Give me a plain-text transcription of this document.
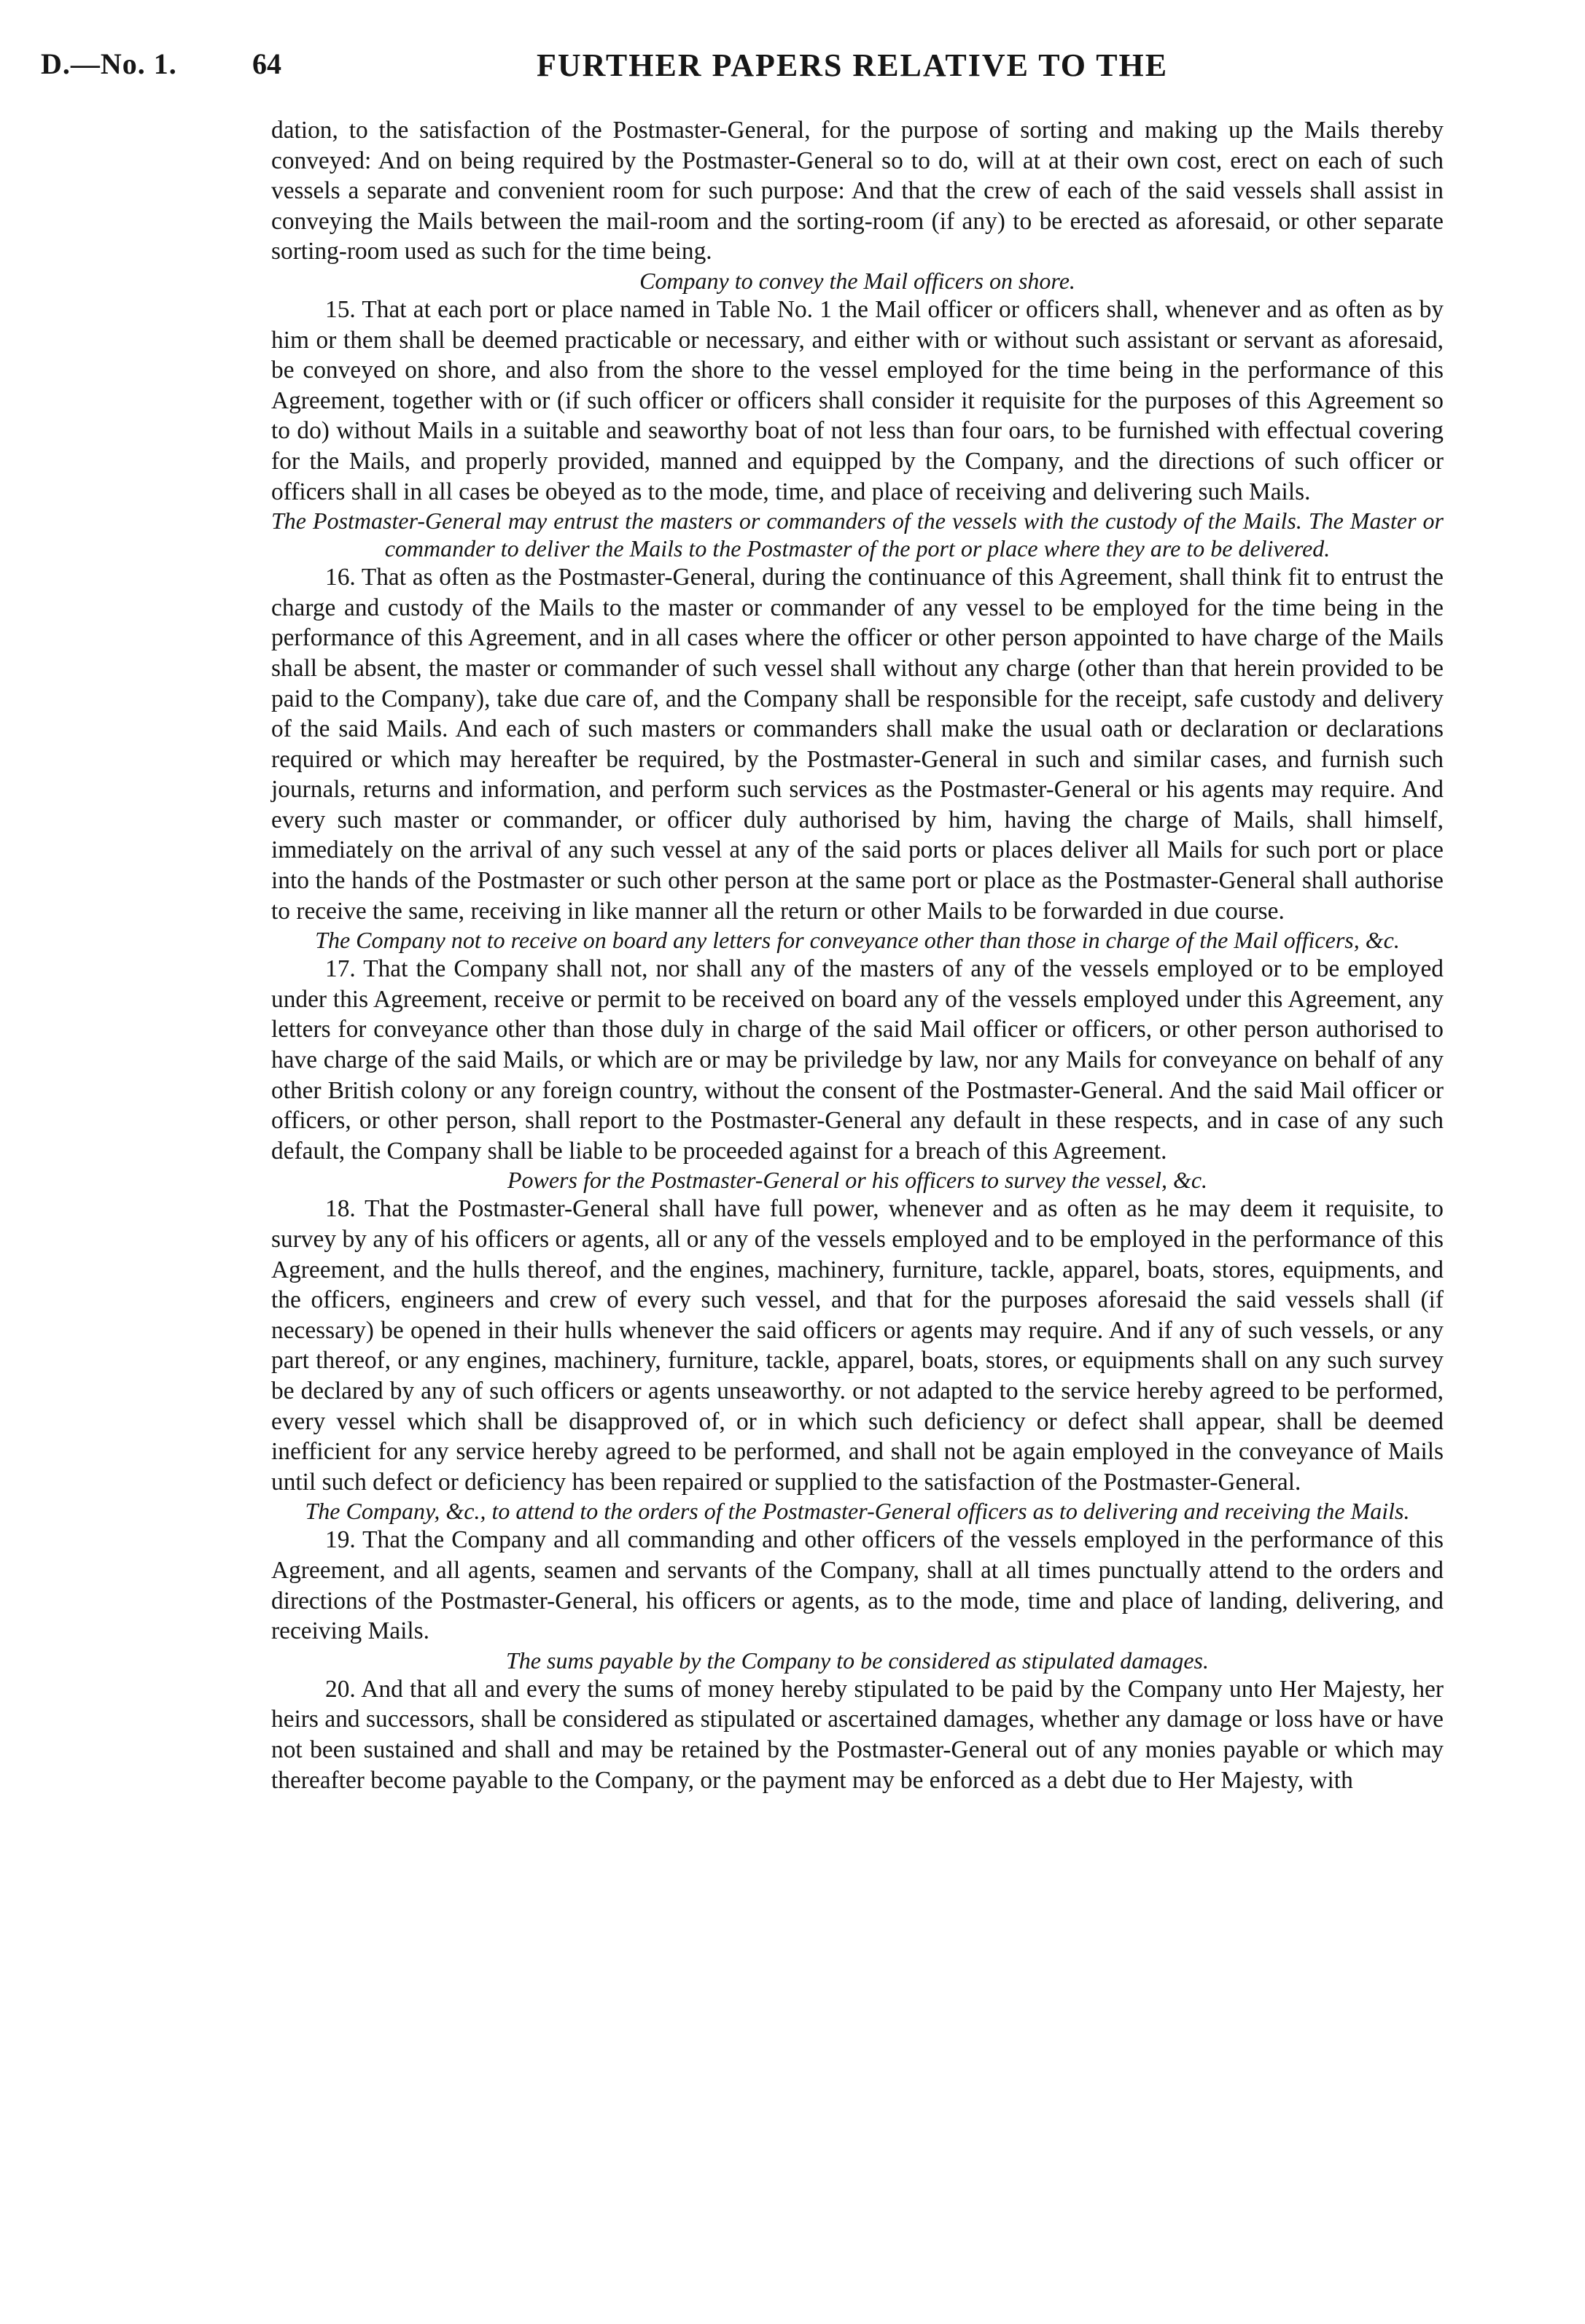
D.—No. 1.	64	FURTHER PAPERS RELATIVE TO THE

dation, to the satisfaction of the Postmaster-General, for the purpose of sorting and making up the Mails thereby conveyed: And on being required by the Postmaster-General so to do, will at at their own cost, erect on each of such vessels a separate and convenient room for such purpose: And that the crew of each of the said vessels shall assist in conveying the Mails between the mail-room and the sorting-room (if any) to be erected as aforesaid, or other separate sorting-room used as such for the time being.

Company to convey the Mail officers on shore.

15. That at each port or place named in Table No. 1 the Mail officer or officers shall, whenever and as often as by him or them shall be deemed practicable or necessary, and either with or without such assistant or servant as aforesaid, be conveyed on shore, and also from the shore to the vessel employed for the time being in the performance of this Agreement, together with or (if such officer or officers shall consider it requisite for the purposes of this Agreement so to do) without Mails in a suitable and seaworthy boat of not less than four oars, to be furnished with effectual covering for the Mails, and properly provided, manned and equipped by the Company, and the directions of such officer or officers shall in all cases be obeyed as to the mode, time, and place of receiving and delivering such Mails.

The Postmaster-General may entrust the masters or commanders of the vessels with the custody of the Mails. The Master or commander to deliver the Mails to the Postmaster of the port or place where they are to be delivered.

16. That as often as the Postmaster-General, during the continuance of this Agreement, shall think fit to entrust the charge and custody of the Mails to the master or commander of any vessel to be employed for the time being in the performance of this Agreement, and in all cases where the officer or other person appointed to have charge of the Mails shall be absent, the master or commander of such vessel shall without any charge (other than that herein provided to be paid to the Company), take due care of, and the Company shall be responsible for the receipt, safe custody and delivery of the said Mails. And each of such masters or commanders shall make the usual oath or declaration or declarations required or which may hereafter be required, by the Postmaster-General in such and similar cases, and furnish such journals, returns and information, and perform such services as the Postmaster-General or his agents may require. And every such master or commander, or officer duly authorised by him, having the charge of Mails, shall himself, immediately on the arrival of any such vessel at any of the said ports or places deliver all Mails for such port or place into the hands of the Postmaster or such other person at the same port or place as the Postmaster-General shall authorise to receive the same, receiving in like manner all the return or other Mails to be forwarded in due course.

The Company not to receive on board any letters for conveyance other than those in charge of the Mail officers, &c.

17. That the Company shall not, nor shall any of the masters of any of the vessels employed or to be employed under this Agreement, receive or permit to be received on board any of the vessels employed under this Agreement, any letters for conveyance other than those duly in charge of the said Mail officer or officers, or other person authorised to have charge of the said Mails, or which are or may be priviledge by law, nor any Mails for conveyance on behalf of any other British colony or any foreign country, without the consent of the Postmaster-General. And the said Mail officer or officers, or other person, shall report to the Postmaster-General any default in these respects, and in case of any such default, the Company shall be liable to be proceeded against for a breach of this Agreement.

Powers for the Postmaster-General or his officers to survey the vessel, &c.

18. That the Postmaster-General shall have full power, whenever and as often as he may deem it requisite, to survey by any of his officers or agents, all or any of the vessels employed and to be employed in the performance of this Agreement, and the hulls thereof, and the engines, machinery, furniture, tackle, apparel, boats, stores, equipments, and the officers, engineers and crew of every such vessel, and that for the purposes aforesaid the said vessels shall (if necessary) be opened in their hulls whenever the said officers or agents may require. And if any of such vessels, or any part thereof, or any engines, machinery, furniture, tackle, apparel, boats, stores, or equipments shall on any such survey be declared by any of such officers or agents unseaworthy. or not adapted to the service hereby agreed to be performed, every vessel which shall be disapproved of, or in which such deficiency or defect shall appear, shall be deemed inefficient for any service hereby agreed to be performed, and shall not be again employed in the conveyance of Mails until such defect or deficiency has been repaired or supplied to the satisfaction of the Postmaster-General.

The Company, &c., to attend to the orders of the Postmaster-General officers as to delivering and receiving the Mails.

19. That the Company and all commanding and other officers of the vessels employed in the performance of this Agreement, and all agents, seamen and servants of the Company, shall at all times punctually attend to the orders and directions of the Postmaster-General, his officers or agents, as to the mode, time and place of landing, delivering, and receiving Mails.

The sums payable by the Company to be considered as stipulated damages.

20. And that all and every the sums of money hereby stipulated to be paid by the Company unto Her Majesty, her heirs and successors, shall be considered as stipulated or ascertained damages, whether any damage or loss have or have not been sustained and shall and may be retained by the Postmaster-General out of any monies payable or which may thereafter become payable to the Company, or the payment may be enforced as a debt due to Her Majesty, with
